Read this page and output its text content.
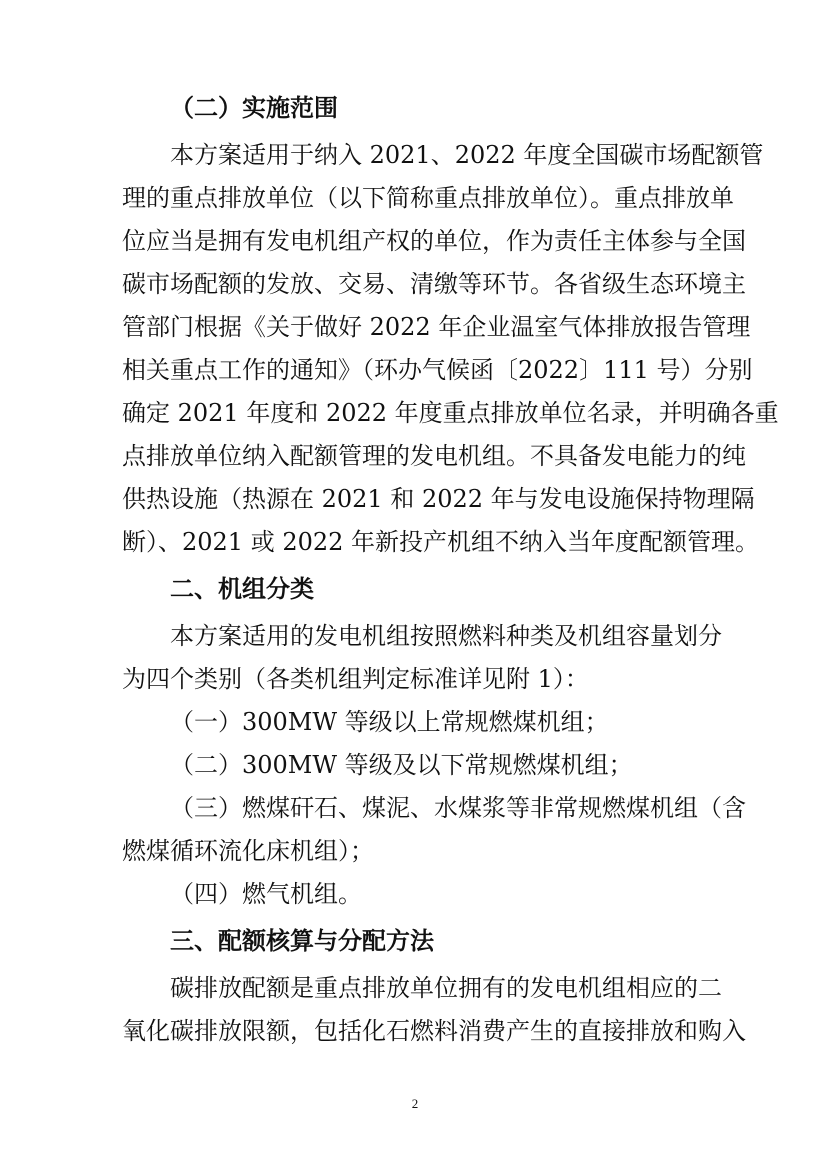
（二）实施范围
本方案适用于纳入 2021、2022 年度全国碳市场配额管
理的重点排放单位（以下简称重点排放单位）。重点排放单
位应当是拥有发电机组产权的单位，作为责任主体参与全国
碳市场配额的发放、交易、清缴等环节。各省级生态环境主
管部门根据《关于做好 2022 年企业温室气体排放报告管理
相关重点工作的通知》（环办气候函〔2022〕111 号）分别
确定 2021 年度和 2022 年度重点排放单位名录，并明确各重
点排放单位纳入配额管理的发电机组。不具备发电能力的纯
供热设施（热源在 2021 和 2022 年与发电设施保持物理隔
断）、2021 或 2022 年新投产机组不纳入当年度配额管理。
二、机组分类
本方案适用的发电机组按照燃料种类及机组容量划分
为四个类别（各类机组判定标准详见附 1）：
（一）300MW 等级以上常规燃煤机组；
（二）300MW 等级及以下常规燃煤机组；
（三）燃煤矸石、煤泥、水煤浆等非常规燃煤机组（含
燃煤循环流化床机组）；
（四）燃气机组。
三、配额核算与分配方法
碳排放配额是重点排放单位拥有的发电机组相应的二
氧化碳排放限额，包括化石燃料消费产生的直接排放和购入
2
